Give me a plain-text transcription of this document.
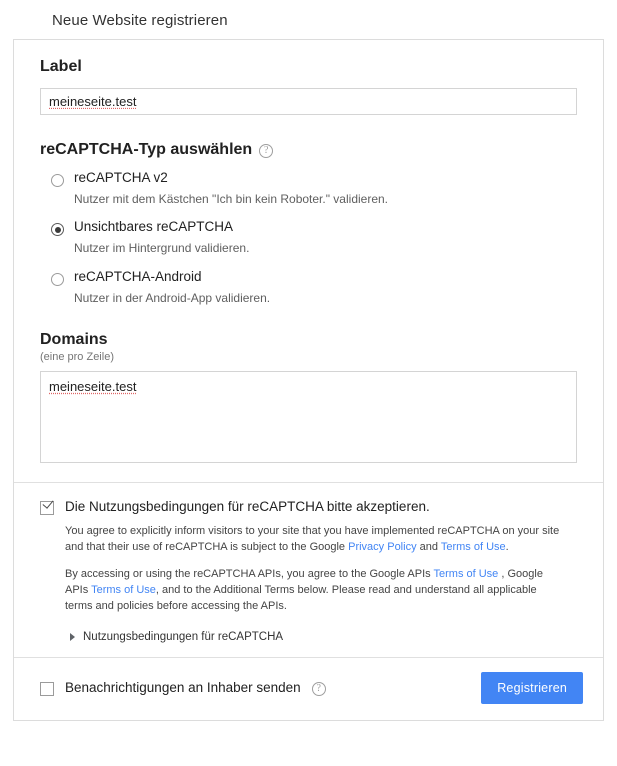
Neue Website registrieren
Label
meineseite.test
reCAPTCHA-Typ auswählen	?
reCAPTCHA v2
Nutzer mit dem Kästchen "Ich bin kein Roboter." validieren.
Unsichtbares reCAPTCHA
Nutzer im Hintergrund validieren.
reCAPTCHA-Android
Nutzer in der Android-App validieren.
Domains
(eine pro Zeile)
meineseite.test
Die Nutzungsbedingungen für reCAPTCHA bitte akzeptieren.

You agree to explicitly inform visitors to your site that you have implemented reCAPTCHA on your site and that their use of reCAPTCHA is subject to the Google Privacy Policy and Terms of Use.

By accessing or using the reCAPTCHA APIs, you agree to the Google APIs Terms of Use , Google APIs Terms of Use, and to the Additional Terms below. Please read and understand all applicable terms and policies before accessing the APIs.

Nutzungsbedingungen für reCAPTCHA
Benachrichtigungen an Inhaber senden	?	Registrieren
